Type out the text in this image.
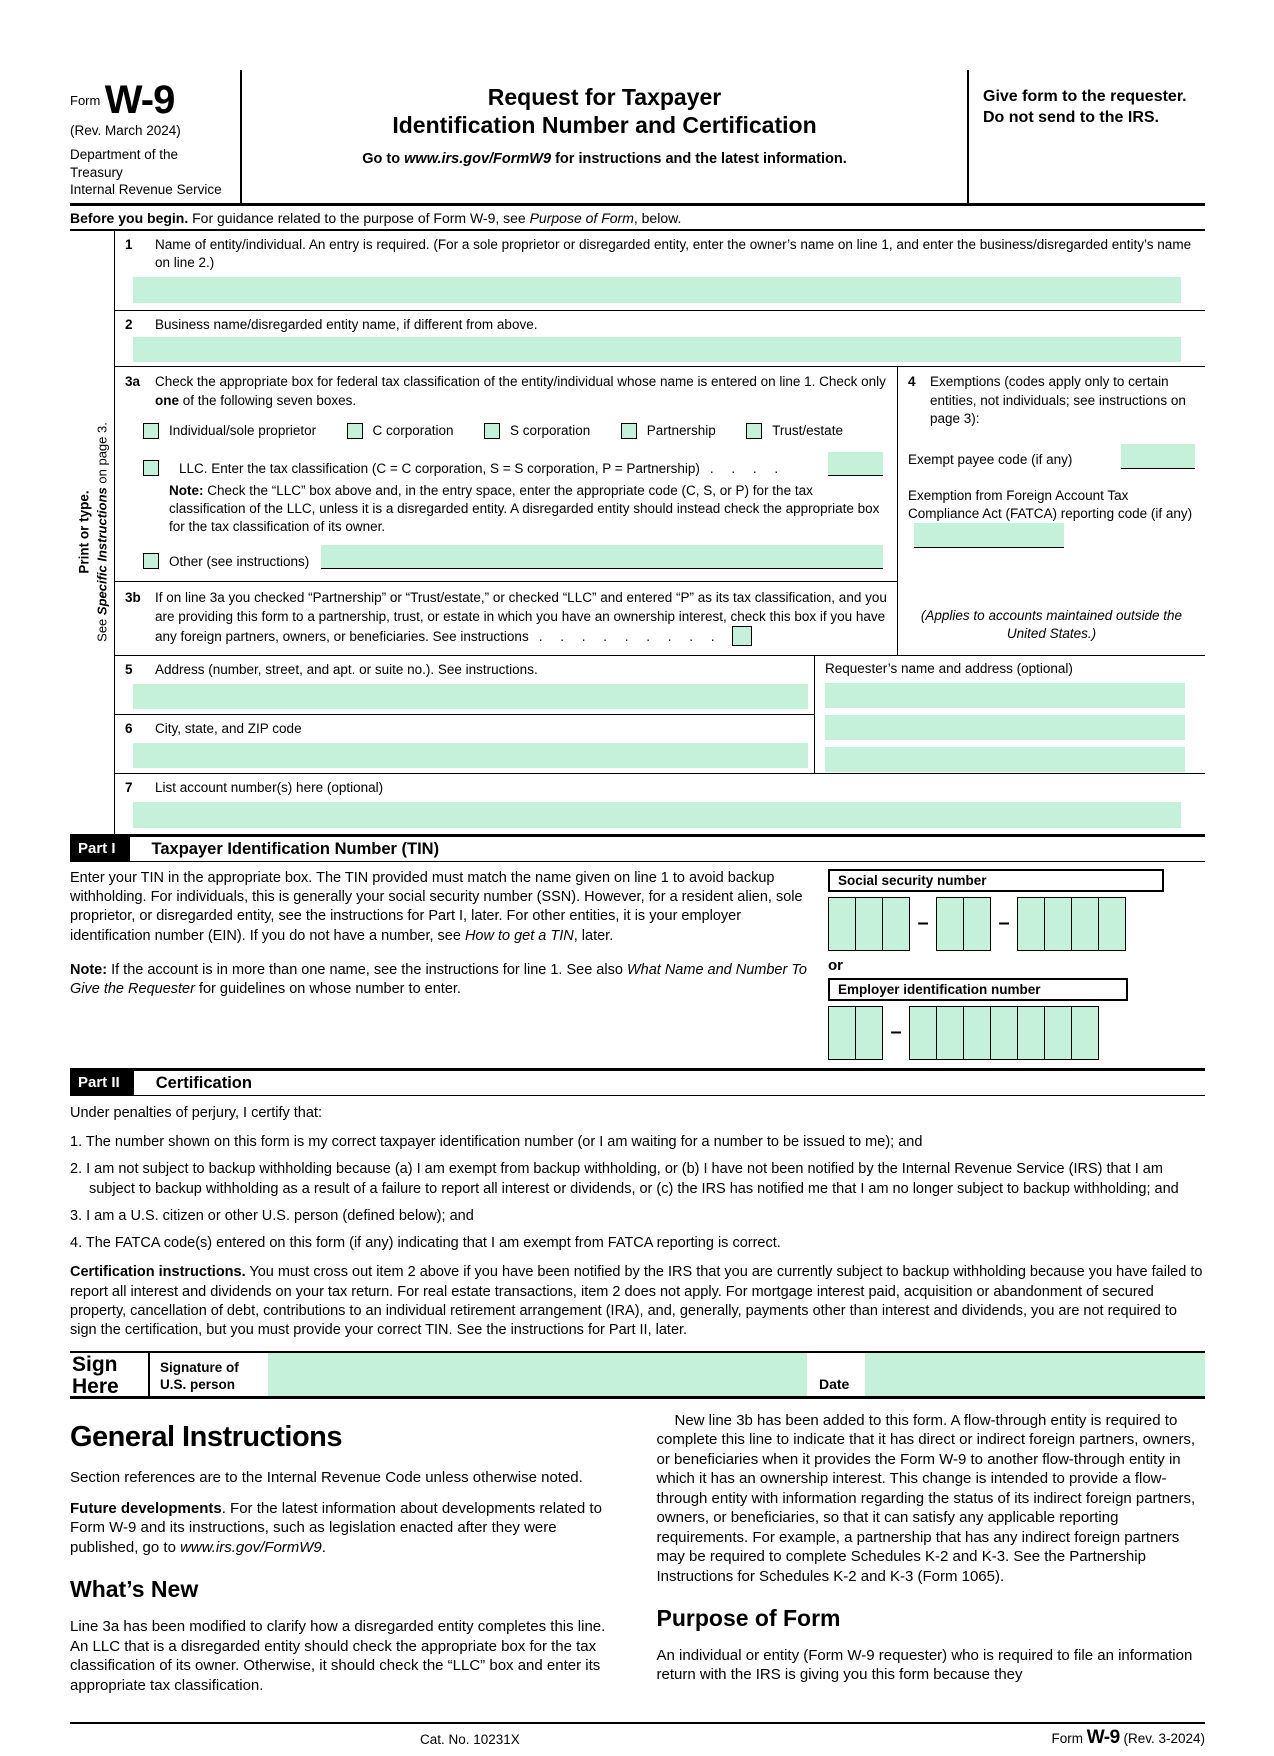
$^{Form}$ W-9
(Rev. March 2024)
Department of the Treasury
Internal Revenue Service
Request for Taxpayer
Identification Number and Certification
Go to www.irs.gov/FormW9 for instructions and the latest information.
Give form to the requester. Do not send to the IRS.
Before you begin. For guidance related to the purpose of Form W-9, see Purpose of Form, below.
Print or type.
See Specific Instructions on page 3.
1 Name of entity/individual. An entry is required. (For a sole proprietor or disregarded entity, enter the owner’s name on line 1, and enter the business/disregarded entity’s name on line 2.)
2 Business name/disregarded entity name, if different from above.
3a Check the appropriate box for federal tax classification of the entity/individual whose name is entered on line 1. Check only one of the following seven boxes.
Individual/sole proprietor	C corporation	S corporation	Partnership	Trust/estate
LLC. Enter the tax classification (C = C corporation, S = S corporation, P = Partnership) . . . .
Note: Check the “LLC” box above and, in the entry space, enter the appropriate code (C, S, or P) for the tax classification of the LLC, unless it is a disregarded entity. A disregarded entity should instead check the appropriate box for the tax classification of its owner.
Other (see instructions)
3b If on line 3a you checked “Partnership” or “Trust/estate,” or checked “LLC” and entered “P” as its tax classification, and you are providing this form to a partnership, trust, or estate in which you have an ownership interest, check this box if you have any foreign partners, owners, or beneficiaries. See instructions . . . . . . . . .
4 Exemptions (codes apply only to certain entities, not individuals; see instructions on page 3):
Exempt payee code (if any)
Exemption from Foreign Account Tax Compliance Act (FATCA) reporting code (if any)
(Applies to accounts maintained outside the United States.)
5 Address (number, street, and apt. or suite no.). See instructions.
6 City, state, and ZIP code
Requester’s name and address (optional)
7 List account number(s) here (optional)
Part I	Taxpayer Identification Number (TIN)

Enter your TIN in the appropriate box. The TIN provided must match the name given on line 1 to avoid backup withholding. For individuals, this is generally your social security number (SSN). However, for a resident alien, sole proprietor, or disregarded entity, see the instructions for Part I, later. For other entities, it is your employer identification number (EIN). If you do not have a number, see How to get a TIN, later.

Note: If the account is in more than one name, see the instructions for line 1. See also What Name and Number To Give the Requester for guidelines on whose number to enter.

Social security number
–	–
or
Employer identification number
–
Part II	Certification

Under penalties of perjury, I certify that:

1. The number shown on this form is my correct taxpayer identification number (or I am waiting for a number to be issued to me); and
2. I am not subject to backup withholding because (a) I am exempt from backup withholding, or (b) I have not been notified by the Internal Revenue Service (IRS) that I am subject to backup withholding as a result of a failure to report all interest or dividends, or (c) the IRS has notified me that I am no longer subject to backup withholding; and
3. I am a U.S. citizen or other U.S. person (defined below); and
4. The FATCA code(s) entered on this form (if any) indicating that I am exempt from FATCA reporting is correct.

Certification instructions. You must cross out item 2 above if you have been notified by the IRS that you are currently subject to backup withholding because you have failed to report all interest and dividends on your tax return. For real estate transactions, item 2 does not apply. For mortgage interest paid, acquisition or abandonment of secured property, cancellation of debt, contributions to an individual retirement arrangement (IRA), and, generally, payments other than interest and dividends, you are not required to sign the certification, but you must provide your correct TIN. See the instructions for Part II, later.

Sign
Here
Signature of
U.S. person	Date
General Instructions

Section references are to the Internal Revenue Code unless otherwise noted.

Future developments. For the latest information about developments related to Form W-9 and its instructions, such as legislation enacted after they were published, go to www.irs.gov/FormW9.

What’s New

Line 3a has been modified to clarify how a disregarded entity completes this line. An LLC that is a disregarded entity should check the appropriate box for the tax classification of its owner. Otherwise, it should check the “LLC” box and enter its appropriate tax classification.

New line 3b has been added to this form. A flow-through entity is required to complete this line to indicate that it has direct or indirect foreign partners, owners, or beneficiaries when it provides the Form W-9 to another flow-through entity in which it has an ownership interest. This change is intended to provide a flow-through entity with information regarding the status of its indirect foreign partners, owners, or beneficiaries, so that it can satisfy any applicable reporting requirements. For example, a partnership that has any indirect foreign partners may be required to complete Schedules K-2 and K-3. See the Partnership Instructions for Schedules K-2 and K-3 (Form 1065).

Purpose of Form

An individual or entity (Form W-9 requester) who is required to file an information return with the IRS is giving you this form because they

Cat. No. 10231X	Form W-9 (Rev. 3-2024)
